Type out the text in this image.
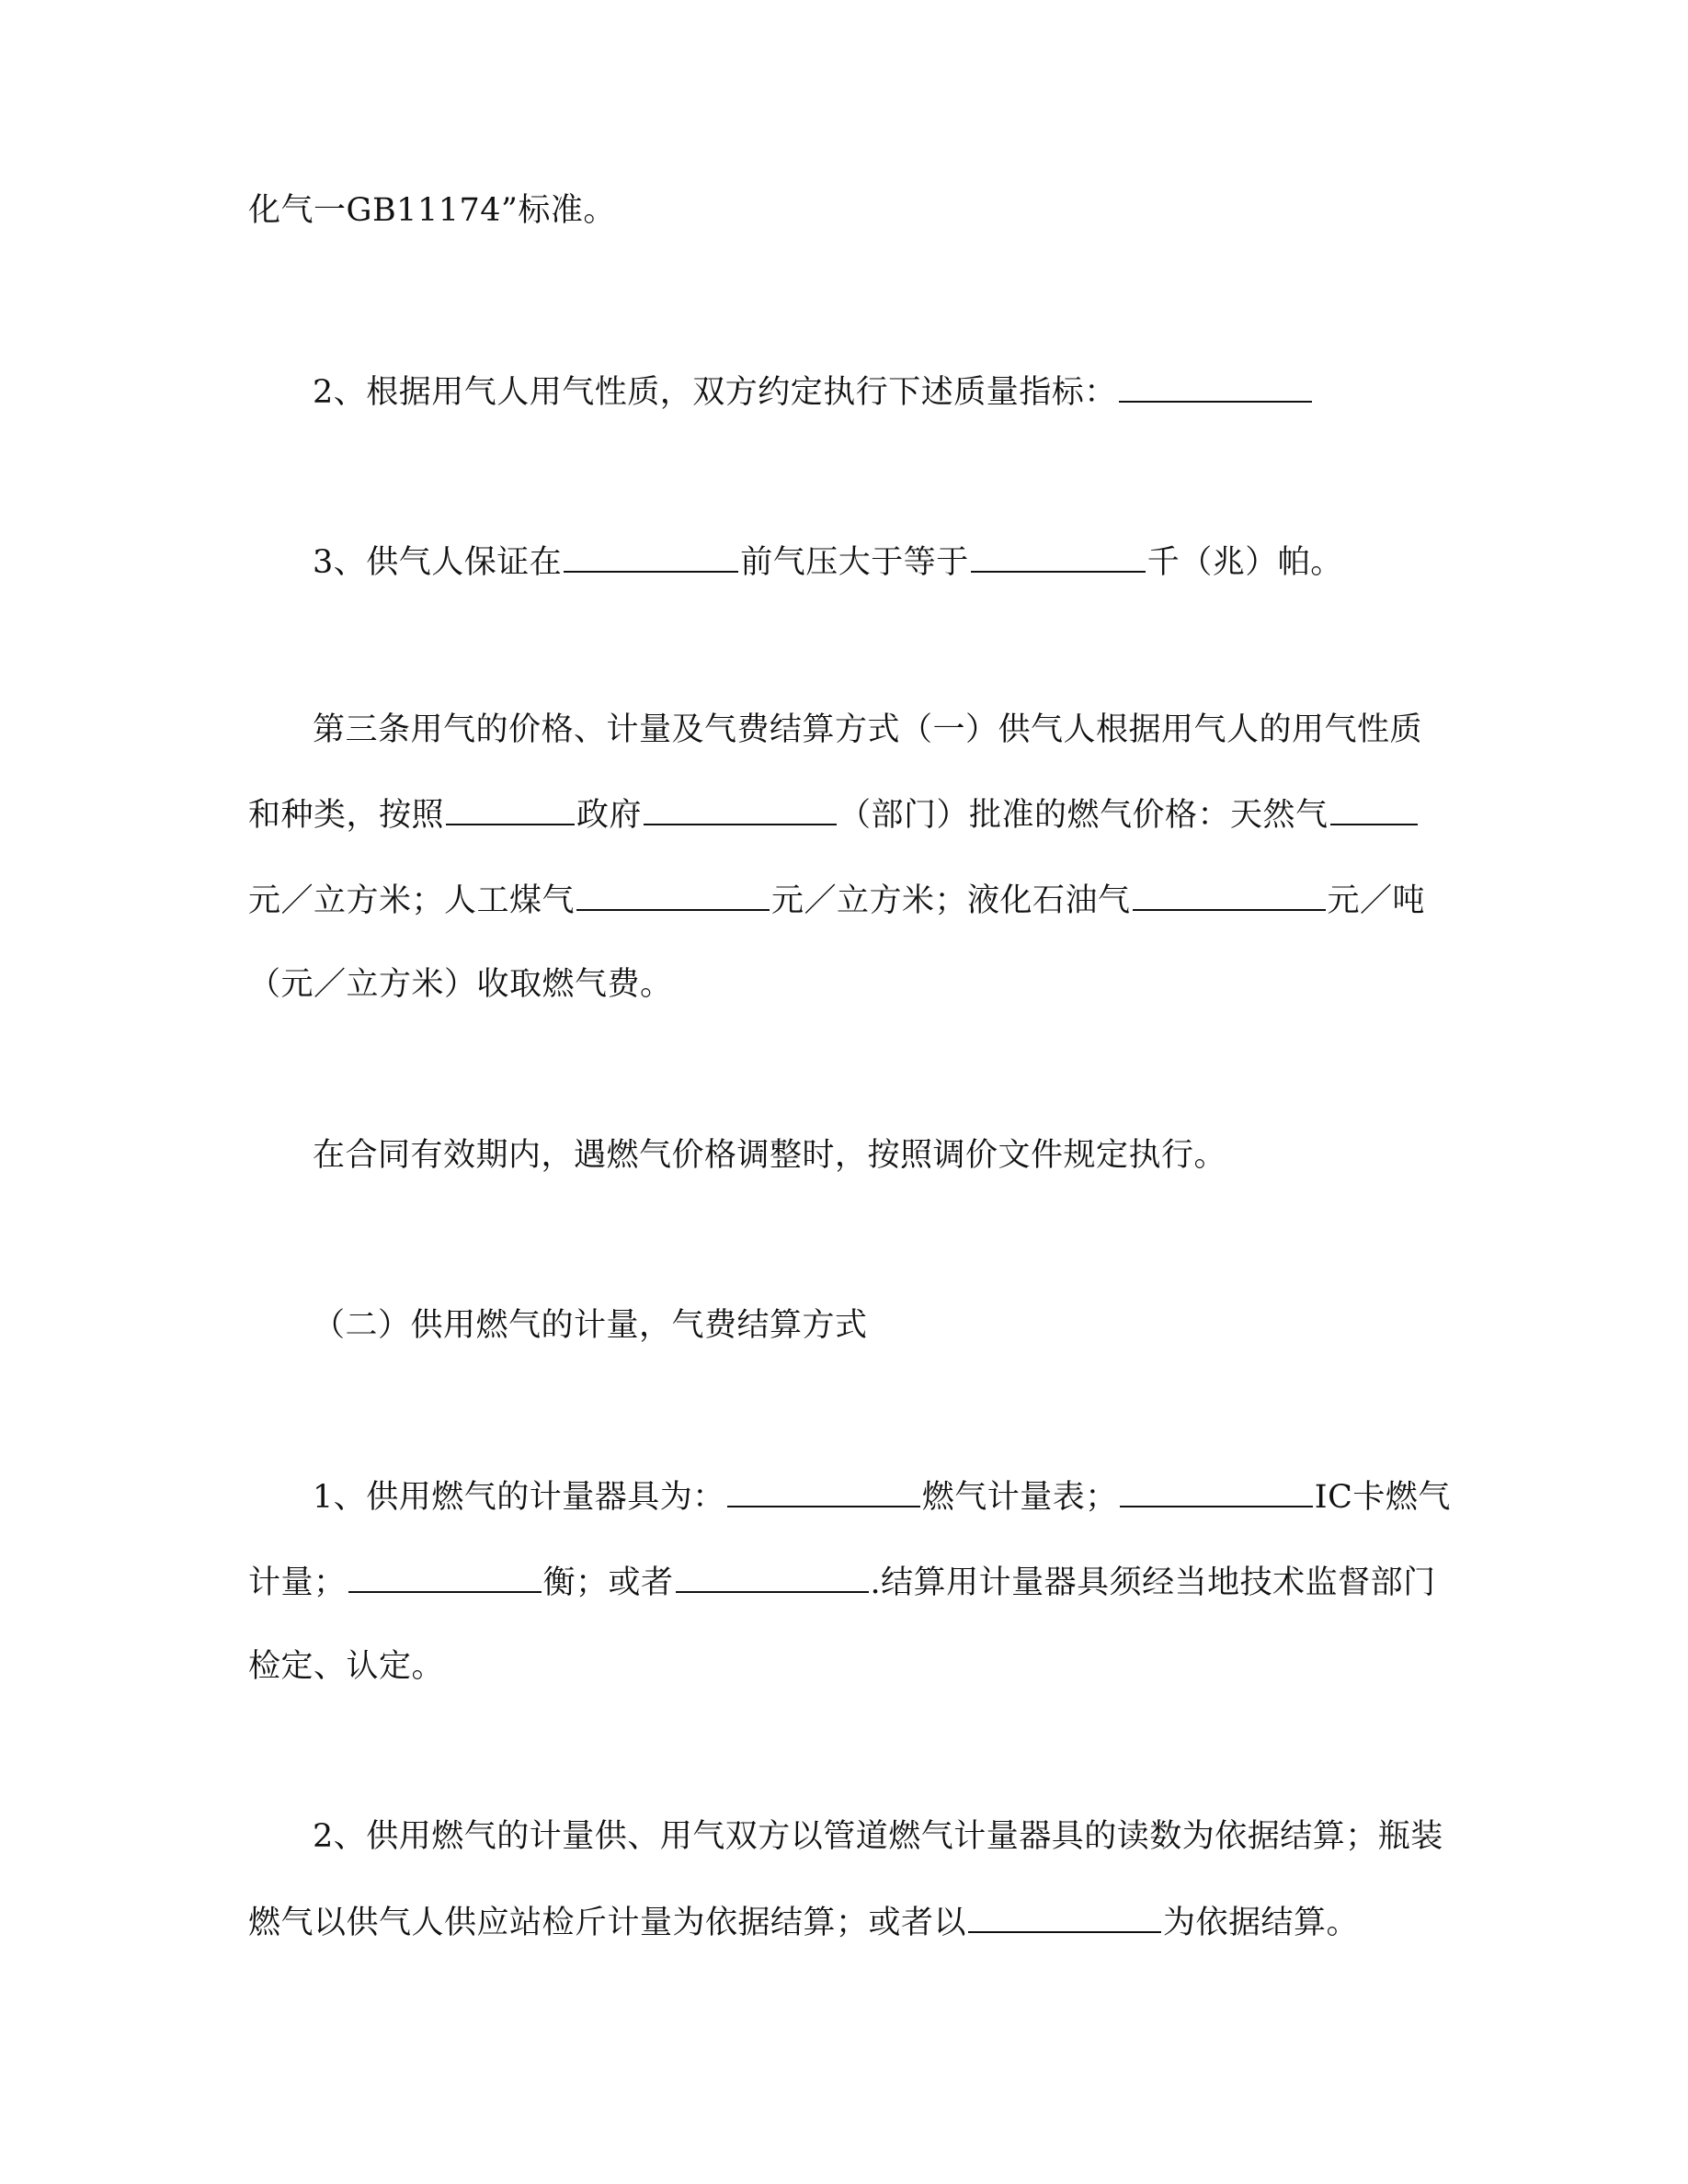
化气一GB11174”标准。
2、根据用气人用气性质，双方约定执行下述质量指标：
3、供气人保证在	前气压大于等于	千（兆）帕。
第三条用气的价格、计量及气费结算方式（一）供气人根据用气人的用气性质
和种类，按照	政府	（部门）批准的燃气价格：天然气
元／立方米；人工煤气	元／立方米；液化石油气	元／吨
（元／立方米）收取燃气费。
在合同有效期内，遇燃气价格调整时，按照调价文件规定执行。
（二）供用燃气的计量，气费结算方式
1、供用燃气的计量器具为：	燃气计量表；	IC卡燃气
计量；	衡；或者	.结算用计量器具须经当地技术监督部门
检定、认定。
2、供用燃气的计量供、用气双方以管道燃气计量器具的读数为依据结算；瓶装
燃气以供气人供应站检斤计量为依据结算；或者以	为依据结算。
